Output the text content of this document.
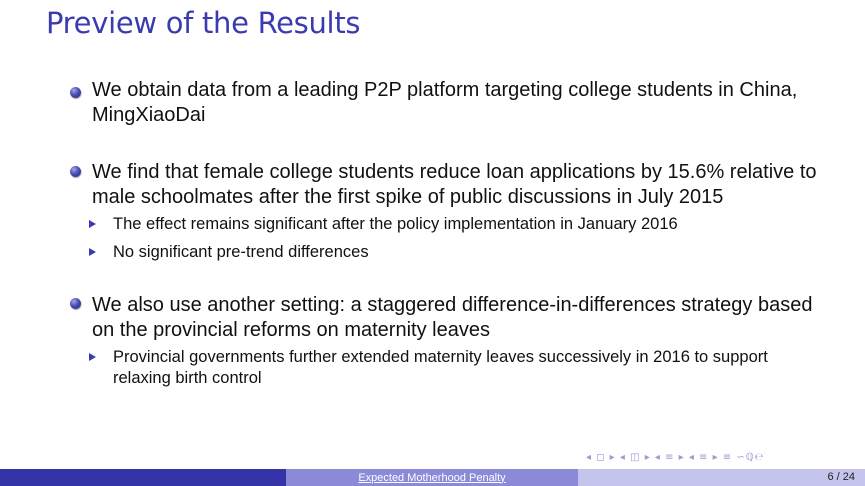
Preview of the Results
We obtain data from a leading P2P platform targeting college students in China, MingXiaoDai
We find that female college students reduce loan applications by 15.6% relative to male schoolmates after the first spike of public discussions in July 2015
The effect remains significant after the policy implementation in January 2016
No significant pre-trend differences
We also use another setting: a staggered difference-in-differences strategy based on the provincial reforms on maternity leaves
Provincial governments further extended maternity leaves successively in 2016 to support relaxing birth control
◂ ◻ ▸ ◂ ◫ ▸ ◂ ≡ ▸ ◂ ≡ ▸ ≡ ∽ℚ℮
Expected Motherhood Penalty	6 / 24
